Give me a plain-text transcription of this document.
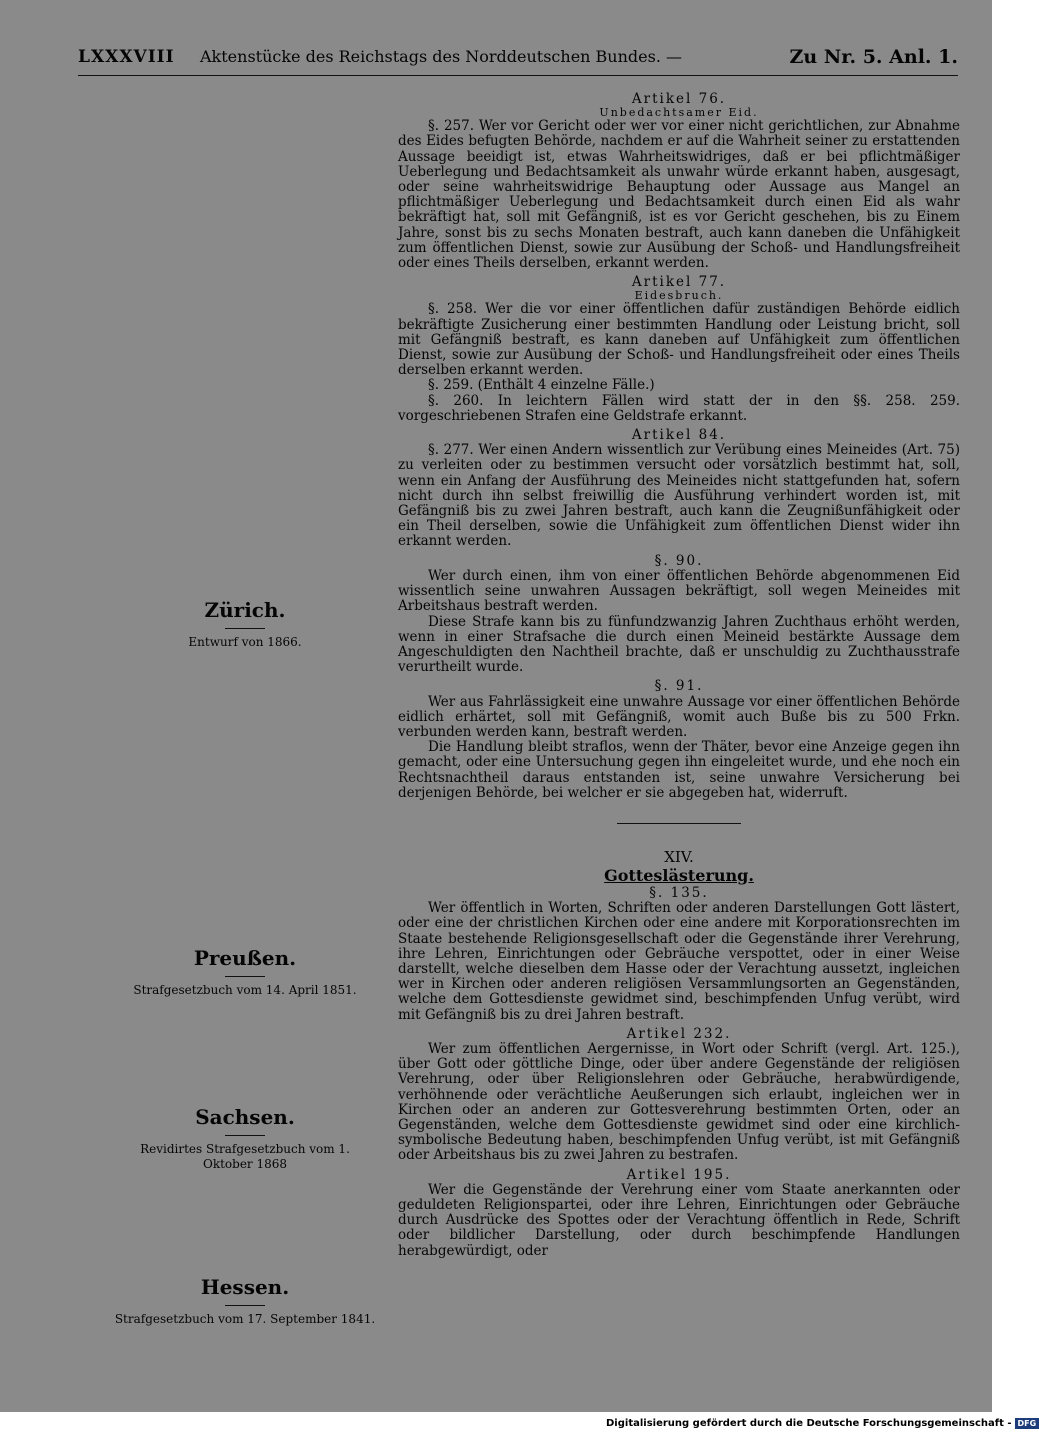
LXXXVIII Aktenstücke des Reichstags des Norddeutschen Bundes. —	Zu Nr. 5. Anl. 1.
Zürich.
Entwurf von 1866.
Preußen.
Strafgesetzbuch vom 14. April 1851.
Sachsen.
Revidirtes Strafgesetzbuch vom 1. Oktober 1868
Hessen.
Strafgesetzbuch vom 17. September 1841.
Artikel 76.
Unbedachtsamer Eid.

§. 257. Wer vor Gericht oder wer vor einer nicht gerichtlichen, zur Abnahme des Eides befugten Behörde, nachdem er auf die Wahrheit seiner zu erstattenden Aussage beeidigt ist, etwas Wahrheitswidriges, daß er bei pflichtmäßiger Ueberlegung und Bedachtsamkeit als unwahr würde erkannt haben, ausgesagt, oder seine wahrheitswidrige Behauptung oder Aussage aus Mangel an pflichtmäßiger Ueberlegung und Bedachtsamkeit durch einen Eid als wahr bekräftigt hat, soll mit Gefängniß, ist es vor Gericht geschehen, bis zu Einem Jahre, sonst bis zu sechs Monaten bestraft, auch kann daneben die Unfähigkeit zum öffentlichen Dienst, sowie zur Ausübung der Schoß- und Handlungsfreiheit oder eines Theils derselben, erkannt werden.

Artikel 77.
Eidesbruch.

§. 258. Wer die vor einer öffentlichen dafür zuständigen Behörde eidlich bekräftigte Zusicherung einer bestimmten Handlung oder Leistung bricht, soll mit Gefängniß bestraft, es kann daneben auf Unfähigkeit zum öffentlichen Dienst, sowie zur Ausübung der Schoß- und Handlungsfreiheit oder eines Theils derselben erkannt werden.

§. 259. (Enthält 4 einzelne Fälle.)

§. 260. In leichtern Fällen wird statt der in den §§. 258. 259. vorgeschriebenen Strafen eine Geldstrafe erkannt.

Artikel 84.

§. 277. Wer einen Andern wissentlich zur Verübung eines Meineides (Art. 75) zu verleiten oder zu bestimmen versucht oder vorsätzlich bestimmt hat, soll, wenn ein Anfang der Ausführung des Meineides nicht stattgefunden hat, sofern nicht durch ihn selbst freiwillig die Ausführung verhindert worden ist, mit Gefängniß bis zu zwei Jahren bestraft, auch kann die Zeugnißunfähigkeit oder ein Theil derselben, sowie die Unfähigkeit zum öffentlichen Dienst wider ihn erkannt werden.

§. 90.

Wer durch einen, ihm von einer öffentlichen Behörde abgenommenen Eid wissentlich seine unwahren Aussagen bekräftigt, soll wegen Meineides mit Arbeitshaus bestraft werden.

Diese Strafe kann bis zu fünfundzwanzig Jahren Zuchthaus erhöht werden, wenn in einer Strafsache die durch einen Meineid bestärkte Aussage dem Angeschuldigten den Nachtheil brachte, daß er unschuldig zu Zuchthausstrafe verurtheilt wurde.

§. 91.

Wer aus Fahrlässigkeit eine unwahre Aussage vor einer öffentlichen Behörde eidlich erhärtet, soll mit Gefängniß, womit auch Buße bis zu 500 Frkn. verbunden werden kann, bestraft werden.

Die Handlung bleibt straflos, wenn der Thäter, bevor eine Anzeige gegen ihn gemacht, oder eine Untersuchung gegen ihn eingeleitet wurde, und ehe noch ein Rechtsnachtheil daraus entstanden ist, seine unwahre Versicherung bei derjenigen Behörde, bei welcher er sie abgegeben hat, widerruft.

XIV.
Gotteslästerung.
§. 135.

Wer öffentlich in Worten, Schriften oder anderen Darstellungen Gott lästert, oder eine der christlichen Kirchen oder eine andere mit Korporationsrechten im Staate bestehende Religionsgesellschaft oder die Gegenstände ihrer Verehrung, ihre Lehren, Einrichtungen oder Gebräuche verspottet, oder in einer Weise darstellt, welche dieselben dem Hasse oder der Verachtung aussetzt, ingleichen wer in Kirchen oder anderen religiösen Versammlungsorten an Gegenständen, welche dem Gottesdienste gewidmet sind, beschimpfenden Unfug verübt, wird mit Gefängniß bis zu drei Jahren bestraft.

Artikel 232.

Wer zum öffentlichen Aergernisse, in Wort oder Schrift (vergl. Art. 125.), über Gott oder göttliche Dinge, oder über andere Gegenstände der religiösen Verehrung, oder über Religionslehren oder Gebräuche, herabwürdigende, verhöhnende oder verächtliche Aeußerungen sich erlaubt, ingleichen wer in Kirchen oder an anderen zur Gottesverehrung bestimmten Orten, oder an Gegenständen, welche dem Gottesdienste gewidmet sind oder eine kirchlich-symbolische Bedeutung haben, beschimpfenden Unfug verübt, ist mit Gefängniß oder Arbeitshaus bis zu zwei Jahren zu bestrafen.

Artikel 195.

Wer die Gegenstände der Verehrung einer vom Staate anerkannten oder geduldeten Religionspartei, oder ihre Lehren, Einrichtungen oder Gebräuche durch Ausdrücke des Spottes oder der Verachtung öffentlich in Rede, Schrift oder bildlicher Darstellung, oder durch beschimpfende Handlungen herabgewürdigt, oder

Digitalisierung gefördert durch die Deutsche Forschungsgemeinschaft - DFG
